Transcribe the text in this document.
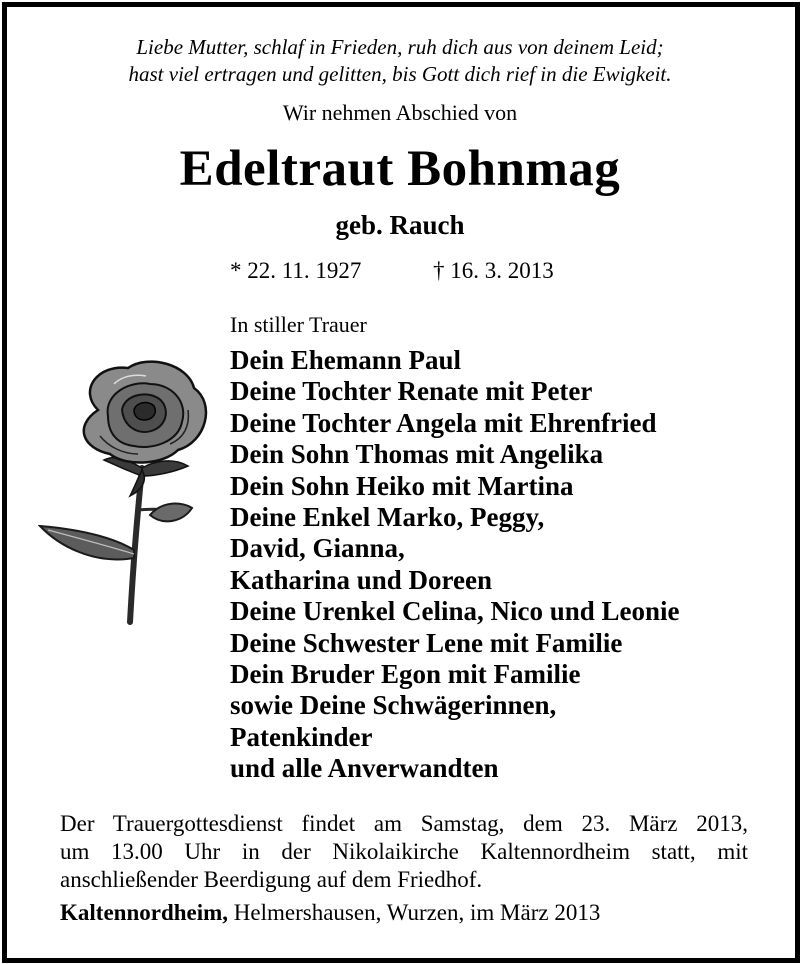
Liebe Mutter, schlaf in Frieden, ruh dich aus von deinem Leid;
hast viel ertragen und gelitten, bis Gott dich rief in die Ewigkeit.
Wir nehmen Abschied von
Edeltraut Bohnmag
geb. Rauch
* 22. 11. 1927	† 16. 3. 2013
In stiller Trauer
Dein Ehemann Paul
Deine Tochter Renate mit Peter
Deine Tochter Angela mit Ehrenfried
Dein Sohn Thomas mit Angelika
Dein Sohn Heiko mit Martina
Deine Enkel Marko, Peggy,
David, Gianna,
Katharina und Doreen
Deine Urenkel Celina, Nico und Leonie
Deine Schwester Lene mit Familie
Dein Bruder Egon mit Familie
sowie Deine Schwägerinnen,
Patenkinder
und alle Anverwandten
Der Trauergottesdienst findet am Samstag, dem 23. März 2013,
um 13.00 Uhr in der Nikolaikirche Kaltennordheim statt, mit
anschließender Beerdigung auf dem Friedhof.
Kaltennordheim, Helmershausen, Wurzen, im März 2013
